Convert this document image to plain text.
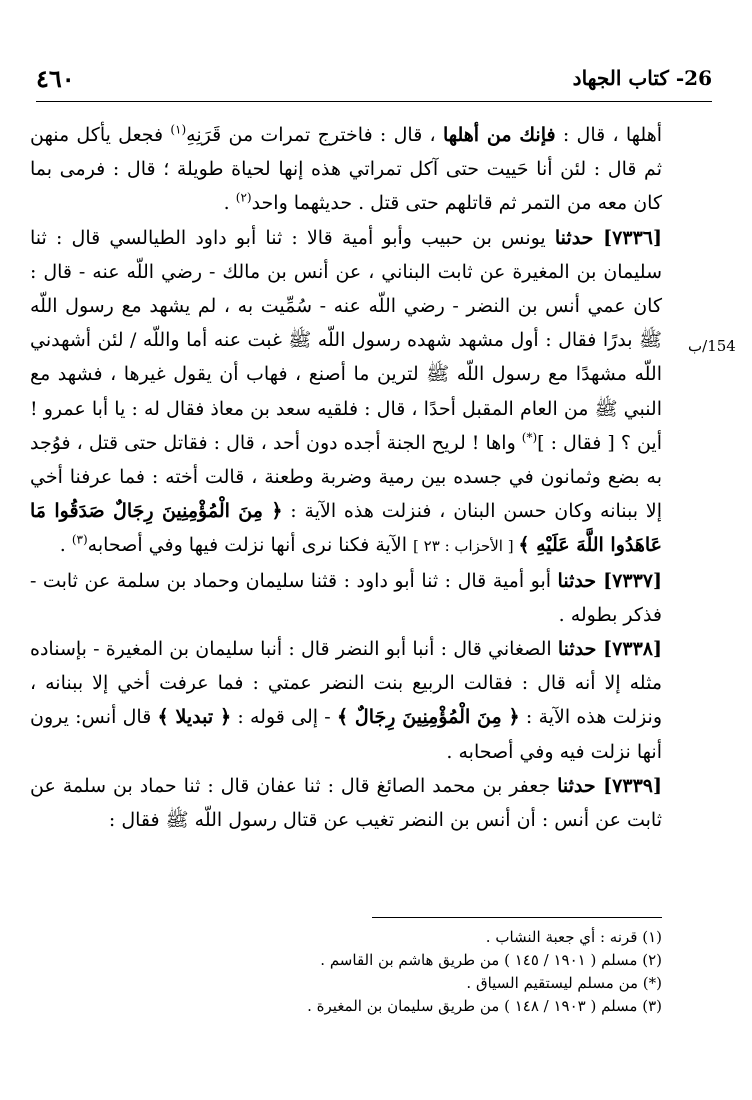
٤٦٠	26- كتاب الجهاد
154/ب

أهلها ، قال : فإنك من أهلها ، قال : فاخترج تمرات من قَرَنِهِ$^{(١)}$ فجعل يأكل منهن ثم قال : لئن أنا حَييت حتى آكل تمراتي هذه إنها لحياة طويلة ؛ قال : فرمى بما كان معه من التمر ثم قاتلهم حتى قتل . حديثهما واحد$^{(٢)}$ .

[٧٣٣٦] حدثنا يونس بن حبيب وأبو أمية قالا : ثنا أبو داود الطيالسي قال : ثنا سليمان بن المغيرة عن ثابت البناني ، عن أنس بن مالك - رضي اللّه عنه - قال : كان عمي أنس بن النضر - رضي اللّه عنه - سُمِّيت به ، لم يشهد مع رسول اللّه ﷺ بدرًا فقال : أول مشهد شهده رسول اللّه ﷺ غبت عنه أما واللّه / لئن أشهدني اللّه مشهدًا مع رسول اللّه ﷺ لترين ما أصنع ، فهاب أن يقول غيرها ، فشهد مع النبي ﷺ من العام المقبل أحدًا ، قال : فلقيه سعد بن معاذ فقال له : يا أبا عمرو ! أين ؟ [ فقال : ](*) واها ! لريح الجنة أجده دون أحد ، قال : فقاتل حتى قتل ، فوُجد به بضع وثمانون في جسده بين رمية وضربة وطعنة ، قالت أخته : فما عرفنا أخي إلا ببنانه وكان حسن البنان ، فنزلت هذه الآية : ﴿ مِنَ الْمُؤْمِنِينَ رِجَالٌ صَدَقُوا مَا عَاهَدُوا اللَّهَ عَلَيْهِ ﴾ [ الأحزاب : ٢٣ ] الآية فكنا نرى أنها نزلت فيها وفي أصحابه$^{(٣)}$ .

[٧٣٣٧] حدثنا أبو أمية قال : ثنا أبو داود : قثنا سليمان وحماد بن سلمة عن ثابت - فذكر بطوله .

[٧٣٣٨] حدثنا الصغاني قال : أنبا أبو النضر قال : أنبا سليمان بن المغيرة - بإسناده مثله إلا أنه قال : فقالت الربيع بنت النضر عمتي : فما عرفت أخي إلا ببنانه ، ونزلت هذه الآية : ﴿ مِنَ الْمُؤْمِنِينَ رِجَالٌ ﴾ - إلى قوله : ﴿ تبديلا ﴾ قال أنس: يرون أنها نزلت فيه وفي أصحابه .

[٧٣٣٩] حدثنا جعفر بن محمد الصائغ قال : ثنا عفان قال : ثنا حماد بن سلمة عن ثابت عن أنس : أن أنس بن النضر تغيب عن قتال رسول اللّه ﷺ فقال :

(١) قرنه : أي جعبة النشاب .

(٢) مسلم ( ١٩٠١ / ١٤٥ ) من طريق هاشم بن القاسم .

(*) من مسلم ليستقيم السياق .

(٣) مسلم ( ١٩٠٣ / ١٤٨ ) من طريق سليمان بن المغيرة .
